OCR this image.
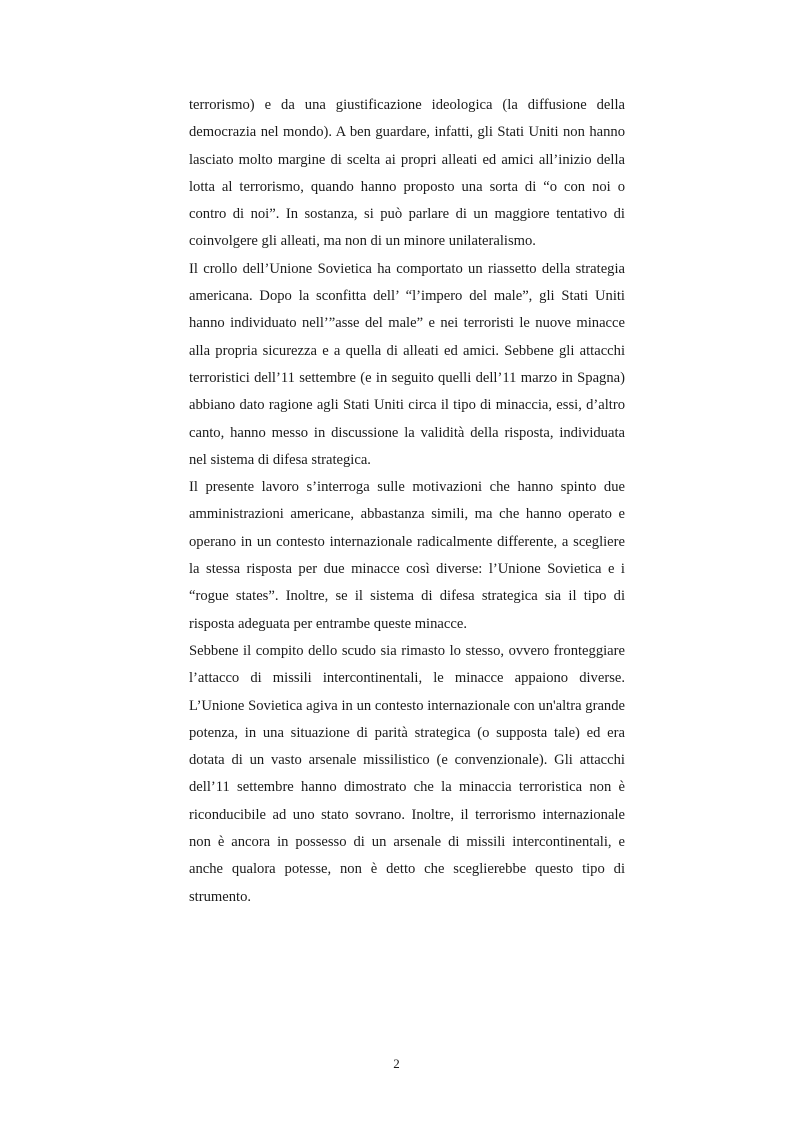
terrorismo) e da una giustificazione ideologica (la diffusione della democrazia nel mondo). A ben guardare, infatti, gli Stati Uniti non hanno lasciato molto margine di scelta ai propri alleati ed amici all’inizio della lotta al terrorismo, quando hanno proposto una sorta di “o con noi o contro di noi”. In sostanza, si può parlare di un maggiore tentativo di coinvolgere gli alleati, ma non di un minore unilateralismo.

Il crollo dell’Unione Sovietica ha comportato un riassetto della strategia americana. Dopo la sconfitta dell’ “l’impero del male”, gli Stati Uniti hanno individuato nell’”asse del male” e nei terroristi le nuove minacce alla propria sicurezza e a quella di alleati ed amici. Sebbene gli attacchi terroristici dell’11 settembre (e in seguito quelli dell’11 marzo in Spagna) abbiano dato ragione agli Stati Uniti circa il tipo di minaccia, essi, d’altro canto, hanno messo in discussione la validità della risposta, individuata nel sistema di difesa strategica.

Il presente lavoro s’interroga sulle motivazioni che hanno spinto due amministrazioni americane, abbastanza simili, ma che hanno operato e operano in un contesto internazionale radicalmente differente, a scegliere la stessa risposta per due minacce così diverse: l’Unione Sovietica e i “rogue states”. Inoltre, se il sistema di difesa strategica sia il tipo di risposta adeguata per entrambe queste minacce.

Sebbene il compito dello scudo sia rimasto lo stesso, ovvero fronteggiare l’attacco di missili intercontinentali, le minacce appaiono diverse. L’Unione Sovietica agiva in un contesto internazionale con un'altra grande potenza, in una situazione di parità strategica (o supposta tale) ed era dotata di un vasto arsenale missilistico (e convenzionale). Gli attacchi dell’11 settembre hanno dimostrato che la minaccia terroristica non è riconducibile ad uno stato sovrano. Inoltre, il terrorismo internazionale non è ancora in possesso di un arsenale di missili intercontinentali, e anche qualora potesse, non è detto che sceglierebbe questo tipo di strumento.

2
